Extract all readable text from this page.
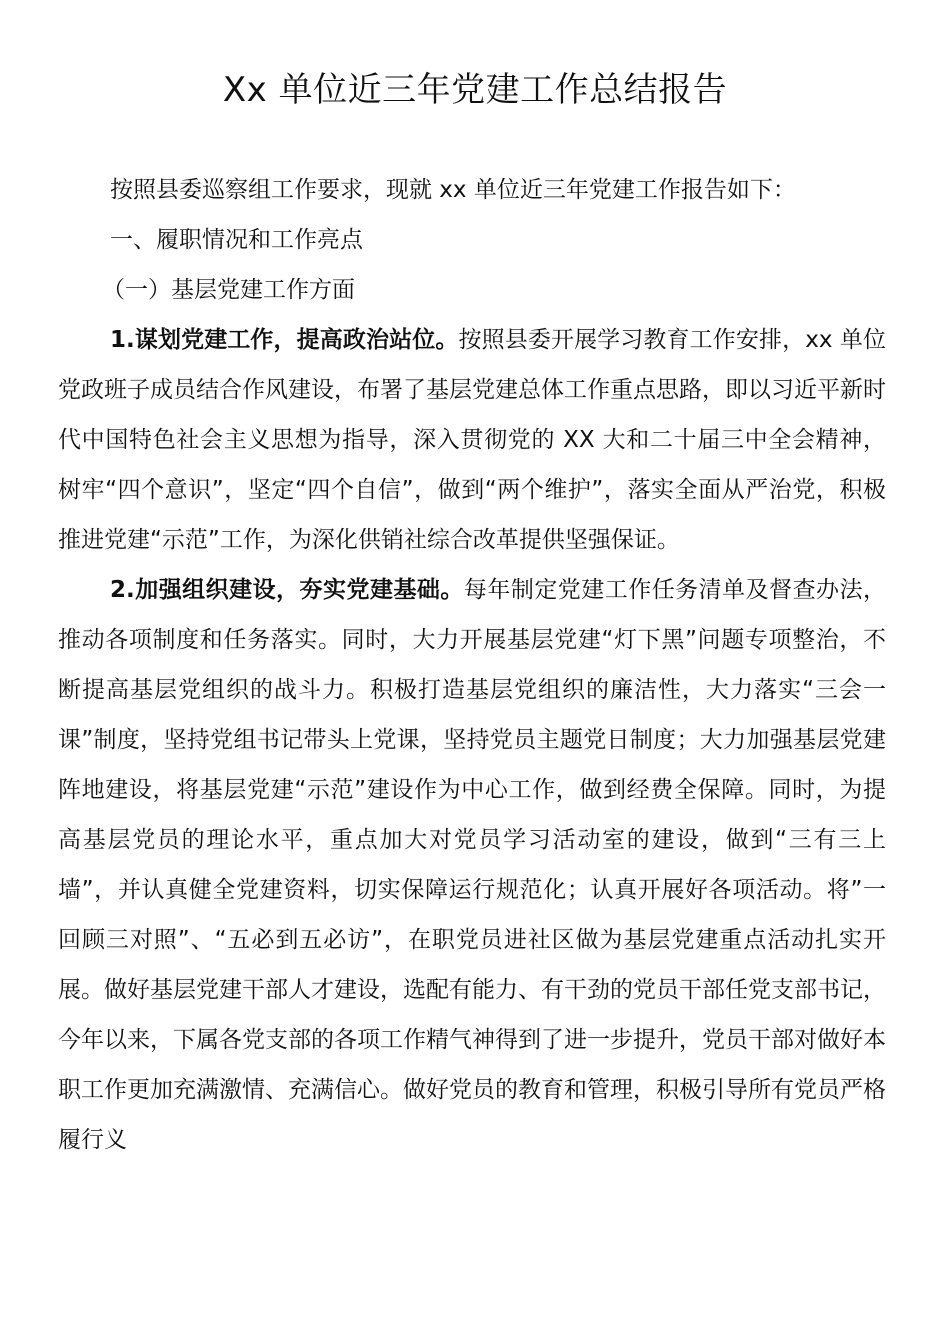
Xx 单位近三年党建工作总结报告

按照县委巡察组工作要求，现就 xx 单位近三年党建工作报告如下：

一、履职情况和工作亮点

（一）基层党建工作方面

1.谋划党建工作，提高政治站位。按照县委开展学习教育工作安排，xx 单位党政班子成员结合作风建设，布署了基层党建总体工作重点思路，即以习近平新时代中国特色社会主义思想为指导，深入贯彻党的 XX 大和二十届三中全会精神，树牢“四个意识”，坚定“四个自信”，做到“两个维护”，落实全面从严治党，积极推进党建“示范”工作，为深化供销社综合改革提供坚强保证。

2.加强组织建设，夯实党建基础。每年制定党建工作任务清单及督查办法，推动各项制度和任务落实。同时，大力开展基层党建“灯下黑”问题专项整治，不断提高基层党组织的战斗力。积极打造基层党组织的廉洁性，大力落实“三会一课”制度，坚持党组书记带头上党课，坚持党员主题党日制度；大力加强基层党建阵地建设，将基层党建“示范”建设作为中心工作，做到经费全保障。同时，为提高基层党员的理论水平，重点加大对党员学习活动室的建设，做到“三有三上墙”，并认真健全党建资料，切实保障运行规范化；认真开展好各项活动。将”一回顾三对照”、“五必到五必访”，在职党员进社区做为基层党建重点活动扎实开展。做好基层党建干部人才建设，选配有能力、有干劲的党员干部任党支部书记，今年以来，下属各党支部的各项工作精气神得到了进一步提升，党员干部对做好本职工作更加充满激情、充满信心。做好党员的教育和管理，积极引导所有党员严格履行义
